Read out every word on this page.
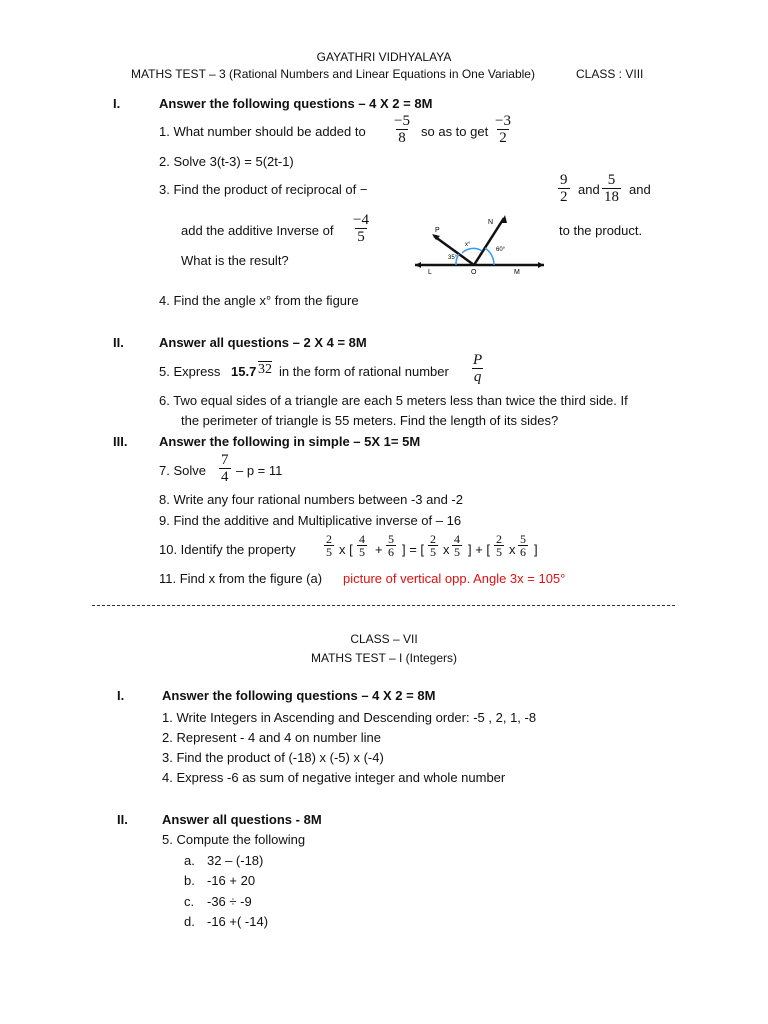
GAYATHRI VIDHYALAYA
MATHS TEST – 3 (Rational Numbers and Linear Equations in One Variable)	CLASS : VIII
I.	Answer the following questions – 4 X 2 = 8M
1. What number should be added to $\frac{-5}{8}$ so as to get $\frac{-3}{2}$
2. Solve 3(t-3) = 5(2t-1)
3. Find the product of reciprocal of −	$\frac{9}{2}$ and $\frac{5}{18}$ and
add the additive Inverse of $\frac{-4}{5}$	to the product.
What is the result?
P
N
L	O	M
x°
35°
60°
4. Find the angle x° from the figure
II.	Answer all questions – 2 X 4 = 8M
5. Express 15.7 32 in the form of rational number $\frac{P}{q}$
6. Two equal sides of a triangle are each 5 meters less than twice the third side. If
the perimeter of triangle is 55 meters. Find the length of its sides?
III. Answer the following in simple – 5X 1= 5M
7. Solve $\frac{7}{4} - p = 11$
8. Write any four rational numbers between -3 and -2
9. Find the additive and Multiplicative inverse of – 16
10. Identify the property $\frac{2}{5}$ x [ $\frac{4}{5} + \frac{5}{6}$ ] = [ $\frac{2}{5}$ x $\frac{4}{5}$ ] + [ $\frac{2}{5}$ x $\frac{5}{6}$ ]
11. Find x from the figure (a) picture of vertical opp. Angle 3x = 105°
CLASS – VII
MATHS TEST – I (Integers)
I.	Answer the following questions – 4 X 2 = 8M
1. Write Integers in Ascending and Descending order: -5 , 2, 1, -8
2. Represent - 4 and 4 on number line
3. Find the product of (-18) x (-5) x (-4)
4. Express -6 as sum of negative integer and whole number
II.	Answer all questions - 8M
5. Compute the following
a. 32 – (-18)
b. -16 + 20
c. -36 ÷ -9
d. -16 +( -14)
